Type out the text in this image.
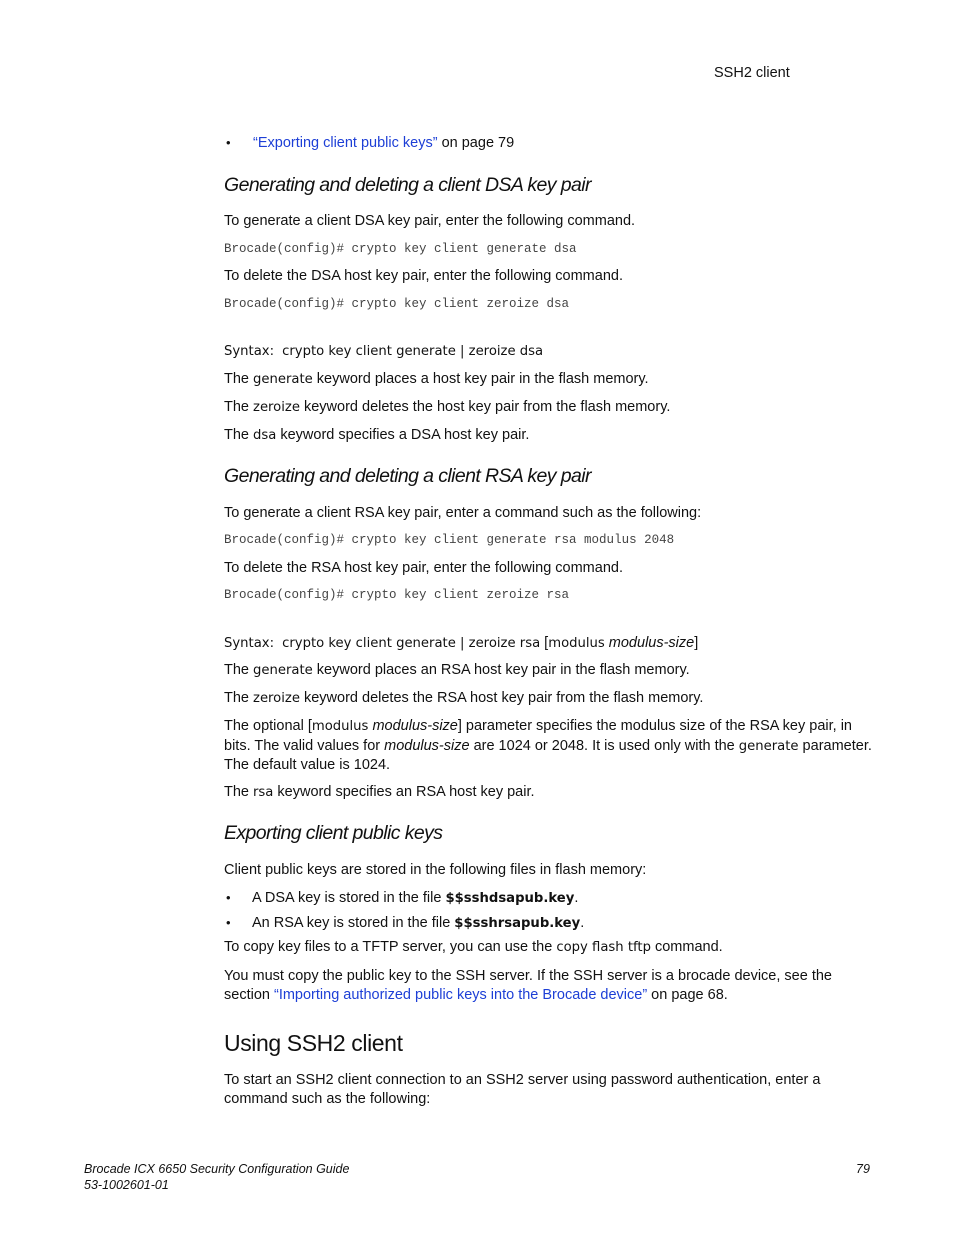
SSH2 client
• “Exporting client public keys” on page 79
Generating and deleting a client DSA key pair
To generate a client DSA key pair, enter the following command.
Brocade(config)# crypto key client generate dsa
To delete the DSA host key pair, enter the following command.
Brocade(config)# crypto key client zeroize dsa
Syntax: crypto key client generate | zeroize dsa
The generate keyword places a host key pair in the flash memory.
The zeroize keyword deletes the host key pair from the flash memory.
The dsa keyword specifies a DSA host key pair.
Generating and deleting a client RSA key pair
To generate a client RSA key pair, enter a command such as the following:
Brocade(config)# crypto key client generate rsa modulus 2048
To delete the RSA host key pair, enter the following command.
Brocade(config)# crypto key client zeroize rsa
Syntax: crypto key client generate | zeroize rsa [modulus modulus-size]
The generate keyword places an RSA host key pair in the flash memory.
The zeroize keyword deletes the RSA host key pair from the flash memory.
The optional [modulus modulus-size] parameter specifies the modulus size of the RSA key pair, in bits. The valid values for modulus-size are 1024 or 2048. It is used only with the generate parameter. The default value is 1024.
The rsa keyword specifies an RSA host key pair.
Exporting client public keys
Client public keys are stored in the following files in flash memory:
• A DSA key is stored in the file $$sshdsapub.key.
• An RSA key is stored in the file $$sshrsapub.key.
To copy key files to a TFTP server, you can use the copy flash tftp command.
You must copy the public key to the SSH server. If the SSH server is a brocade device, see the section “Importing authorized public keys into the Brocade device” on page 68.
Using SSH2 client
To start an SSH2 client connection to an SSH2 server using password authentication, enter a command such as the following:
Brocade ICX 6650 Security Configuration Guide
53-1002601-01
79
